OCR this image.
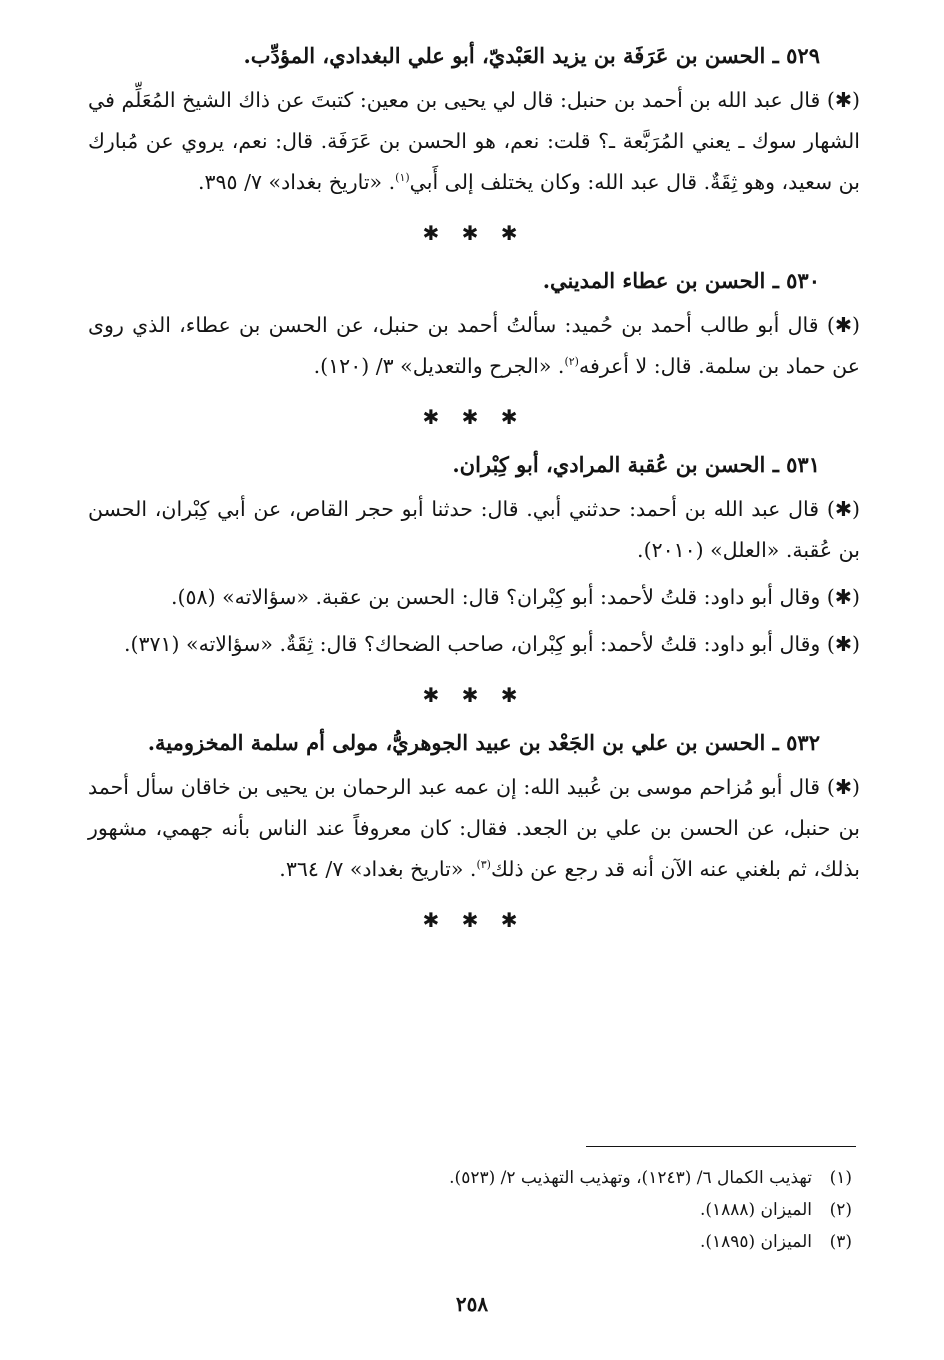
٥٢٩ ـ الحسن بن عَرَفَة بن يزيد العَبْديّ، أبو علي البغدادي، المؤدِّب.

(✱) قال عبد الله بن أحمد بن حنبل: قال لي يحيى بن معين: كتبتَ عن ذاك الشيخ المُعَلِّم في الشهار سوك ـ يعني المُرَبَّعة ـ؟ قلت: نعم، هو الحسن بن عَرَفَة. قال: نعم، يروي عن مُبارك بن سعيد، وهو ثِقَةٌ. قال عبد الله: وكان يختلف إلى أَبي$^{(١)}$. «تاريخ بغداد» ٧/ ٣٩٥.

✱ ✱ ✱
٥٣٠ ـ الحسن بن عطاء المديني.

(✱) قال أبو طالب أحمد بن حُميد: سألتُ أحمد بن حنبل، عن الحسن بن عطاء، الذي روى عن حماد بن سلمة. قال: لا أعرفه$^{(٢)}$. «الجرح والتعديل» ٣/ (١٢٠).

✱ ✱ ✱
٥٣١ ـ الحسن بن عُقبة المرادي، أبو كِبْران.

(✱) قال عبد الله بن أحمد: حدثني أبي. قال: حدثنا أبو حجر القاص، عن أبي كِبْران، الحسن بن عُقبة. «العلل» (٢٠١٠).

(✱) وقال أبو داود: قلتُ لأحمد: أبو كِبْران؟ قال: الحسن بن عقبة. «سؤالاته» (٥٨).

(✱) وقال أبو داود: قلتُ لأحمد: أبو كِبْران، صاحب الضحاك؟ قال: ثِقَةٌ. «سؤالاته» (٣٧١).

✱ ✱ ✱
٥٣٢ ـ الحسن بن علي بن الجَعْد بن عبيد الجوهريُّ، مولى أم سلمة المخزومية.

(✱) قال أبو مُزاحم موسى بن عُبيد الله: إن عمه عبد الرحمان بن يحيى بن خاقان سأل أحمد بن حنبل، عن الحسن بن علي بن الجعد. فقال: كان معروفاً عند الناس بأنه جهمي، مشهور بذلك، ثم بلغني عنه الآن أنه قد رجع عن ذلك$^{(٣)}$. «تاريخ بغداد» ٧/ ٣٦٤.

✱ ✱ ✱
(١)
تهذيب الكمال ٦/ (١٢٤٣)، وتهذيب التهذيب ٢/ (٥٢٣).
(٢)
الميزان (١٨٨٨).
(٣)
الميزان (١٨٩٥).
٢٥٨
